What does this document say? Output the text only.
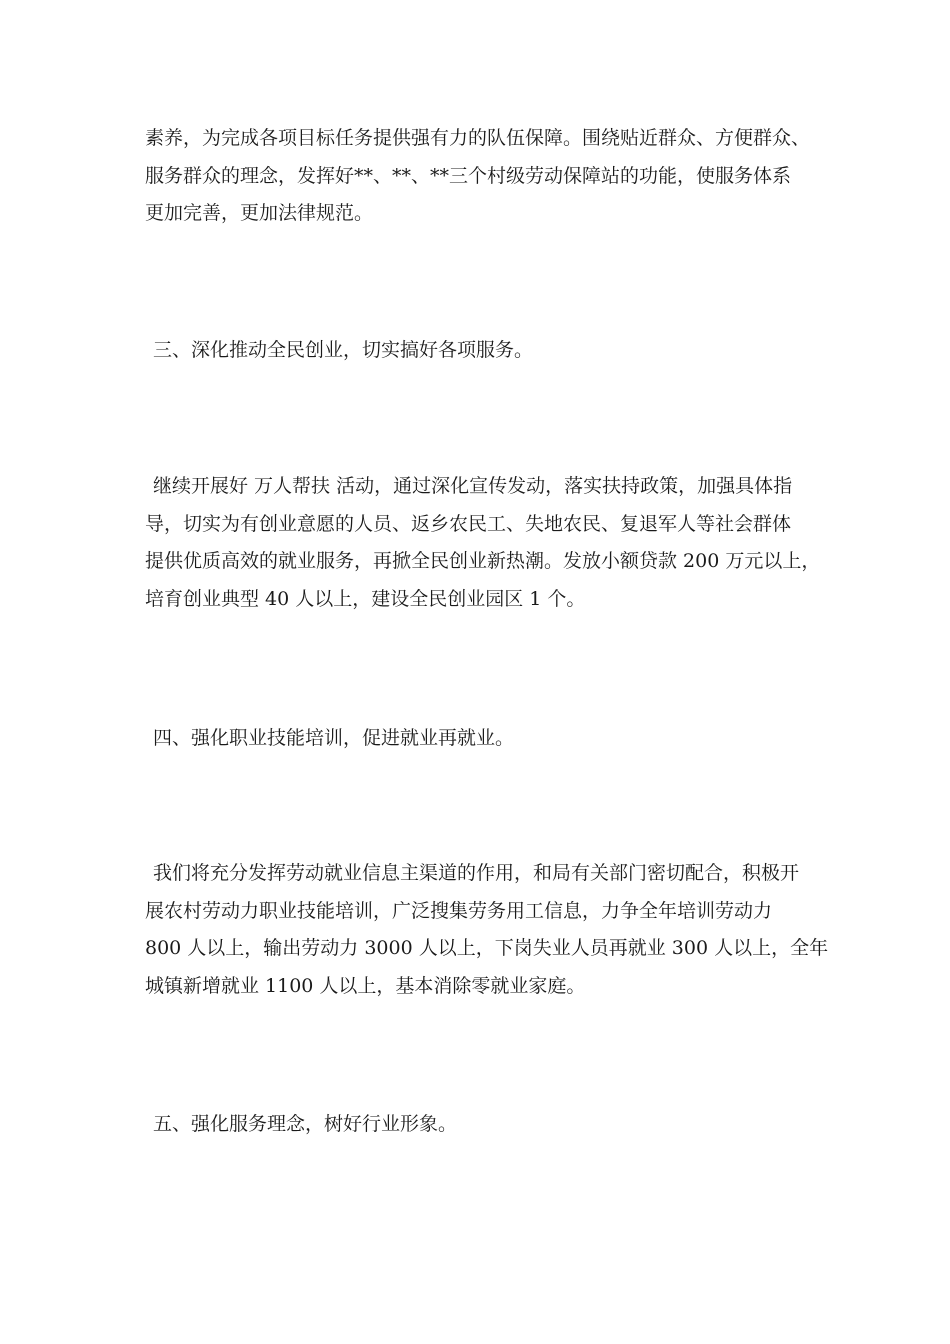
素养，为完成各项目标任务提供强有力的队伍保障。围绕贴近群众、方便群众、
服务群众的理念，发挥好**、**、**三个村级劳动保障站的功能，使服务体系
更加完善，更加法律规范。
三、深化推动全民创业，切实搞好各项服务。
继续开展好 万人帮扶 活动，通过深化宣传发动，落实扶持政策，加强具体指
导，切实为有创业意愿的人员、返乡农民工、失地农民、复退军人等社会群体
提供优质高效的就业服务，再掀全民创业新热潮。发放小额贷款 200 万元以上，
培育创业典型 40 人以上，建设全民创业园区 1 个。
四、强化职业技能培训，促进就业再就业。
我们将充分发挥劳动就业信息主渠道的作用，和局有关部门密切配合，积极开
展农村劳动力职业技能培训，广泛搜集劳务用工信息，力争全年培训劳动力
800 人以上，输出劳动力 3000 人以上，下岗失业人员再就业 300 人以上，全年
城镇新增就业 1100 人以上，基本消除零就业家庭。
五、强化服务理念，树好行业形象。
